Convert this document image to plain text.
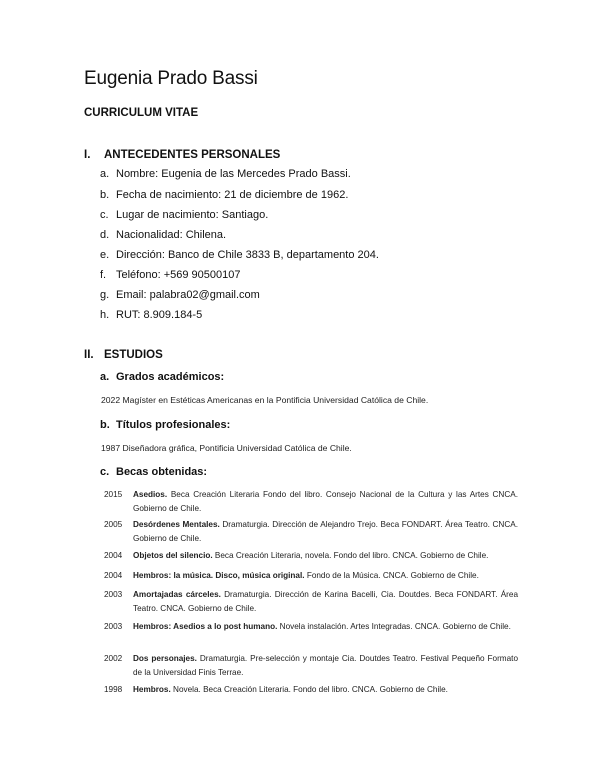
Eugenia Prado Bassi
CURRICULUM VITAE
I. ANTECEDENTES PERSONALES
a. Nombre: Eugenia de las Mercedes Prado Bassi.
b. Fecha de nacimiento: 21 de diciembre de 1962.
c. Lugar de nacimiento: Santiago.
d. Nacionalidad: Chilena.
e. Dirección: Banco de Chile 3833 B, departamento 204.
f. Teléfono: +569 90500107
g. Email: palabra02@gmail.com
h. RUT: 8.909.184-5
II. ESTUDIOS
a. Grados académicos:
2022 Magíster en Estéticas Americanas en la Pontificia Universidad Católica de Chile.
b. Títulos profesionales:
1987 Diseñadora gráfica, Pontificia Universidad Católica de Chile.
c. Becas obtenidas:
2015	Asedios. Beca Creación Literaria Fondo del libro. Consejo Nacional de la Cultura y las Artes CNCA. Gobierno de Chile.
2005	Desórdenes Mentales. Dramaturgia. Dirección de Alejandro Trejo. Beca FONDART. Área Teatro. CNCA. Gobierno de Chile.
2004	Objetos del silencio. Beca Creación Literaria, novela. Fondo del libro. CNCA. Gobierno de Chile.
2004	Hembros: la música. Disco, música original. Fondo de la Música. CNCA. Gobierno de Chile.
2003	Amortajadas cárceles. Dramaturgia. Dirección de Karina Bacelli, Cia. Doutdes. Beca FONDART. Área Teatro. CNCA. Gobierno de Chile.
2003	Hembros: Asedios a lo post humano. Novela instalación. Artes Integradas. CNCA. Gobierno de Chile.
2002	Dos personajes. Dramaturgia. Pre-selección y montaje Cia. Doutdes Teatro. Festival Pequeño Formato de la Universidad Finis Terrae.
1998	Hembros. Novela. Beca Creación Literaria. Fondo del libro. CNCA. Gobierno de Chile.
